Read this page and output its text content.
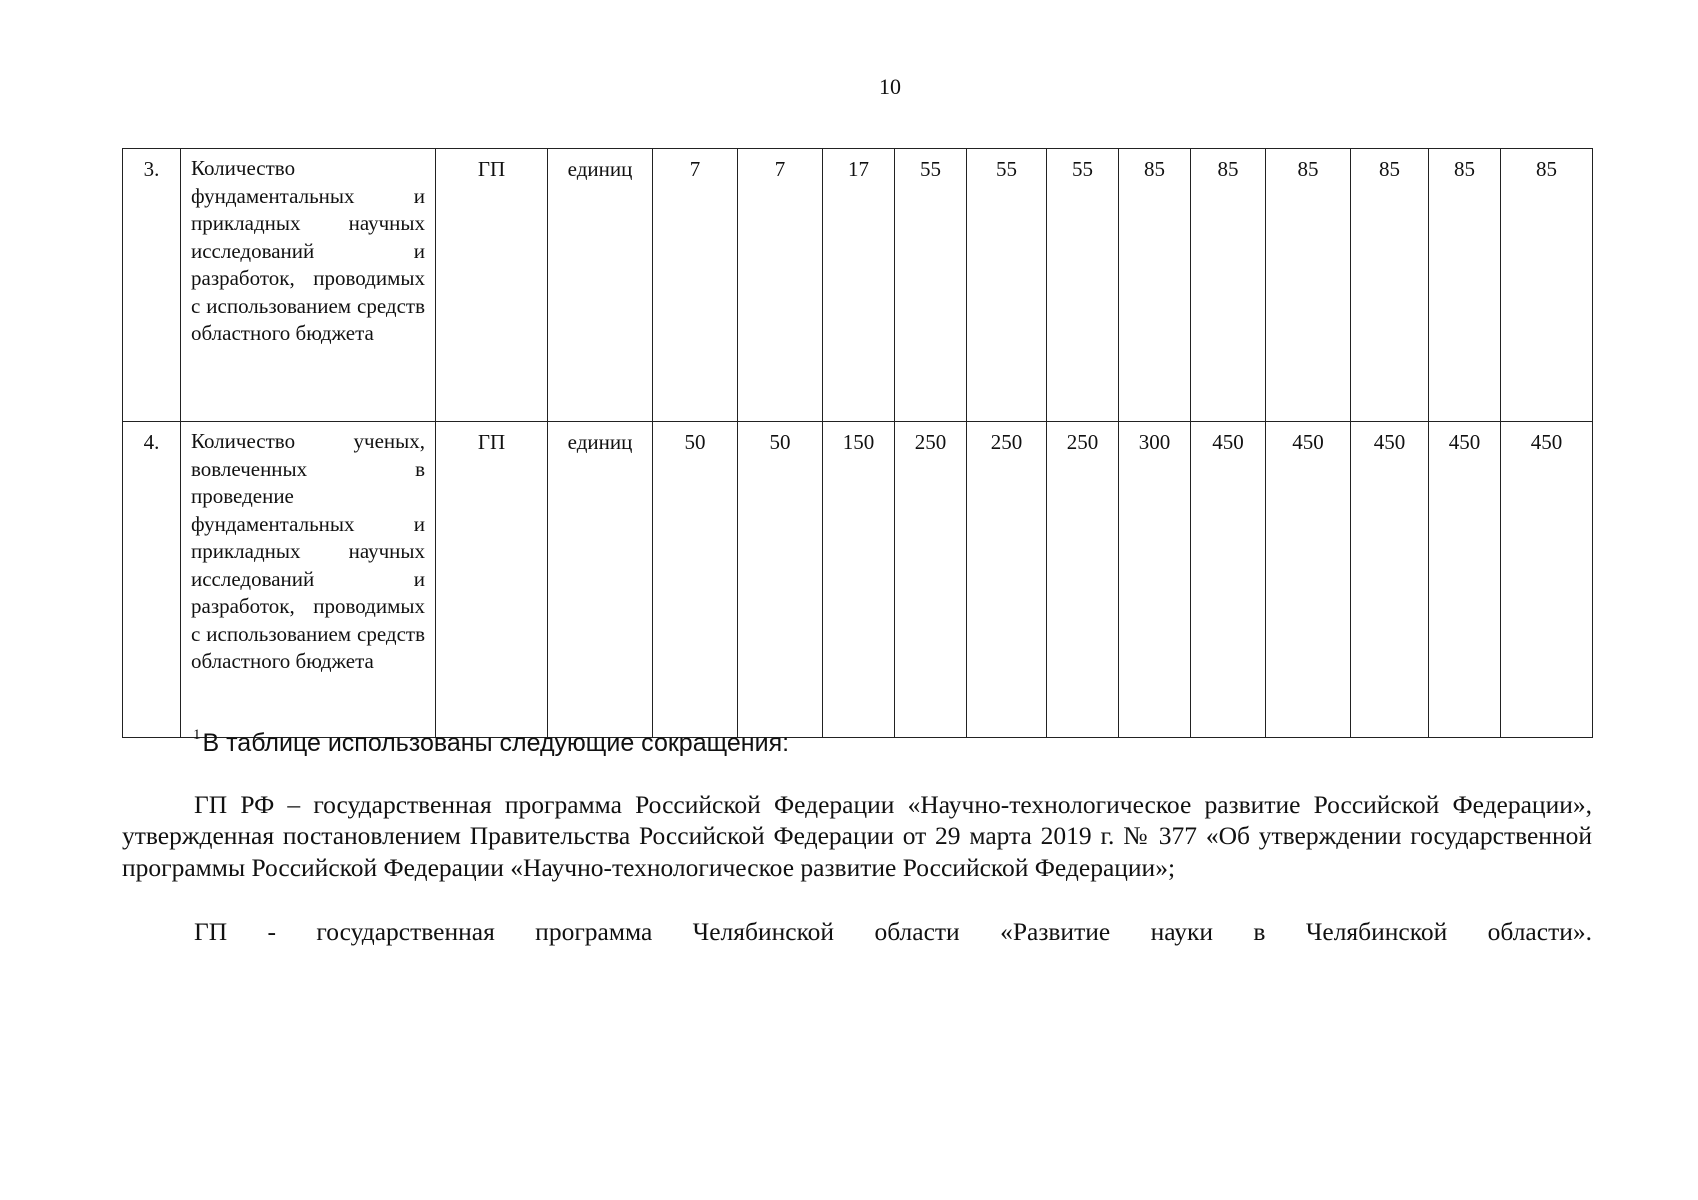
10
3.	Количество фундаментальных и прикладных научных исследований и разработок, проводимых с использованием средств областного бюджета	ГП	единиц	7	7	17	55	55	55	85	85	85	85	85	85
4.	Количество ученых, вовлеченных в проведение фундаментальных и прикладных научных исследований и разработок, проводимых с использованием средств областного бюджета	ГП	единиц	50	50	150	250	250	250	300	450	450	450	450	450
$^1$В таблице использованы следующие сокращения:

ГП РФ – государственная программа Российской Федерации «Научно-технологическое развитие Российской Федерации», утвержденная постановлением Правительства Российской Федерации от 29 марта 2019 г. № 377 «Об утверждении государственной программы Российской Федерации «Научно-технологическое развитие Российской Федерации»;

ГП - государственная программа Челябинской области «Развитие науки в Челябинской области».
